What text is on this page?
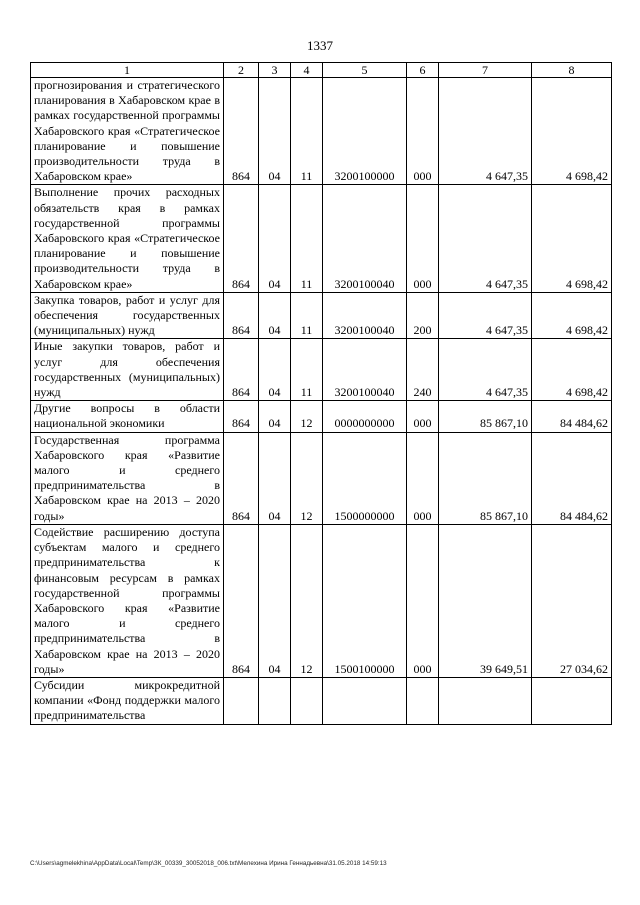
1337
1	2	3	4	5	6	7	8
прогнозирования и стратегического планирования в Хабаровском крае в рамках государственной программы Хабаровского края «Стратегическое планирование и повышение производительности труда в Хабаровском крае»	864	04	11	3200100000	000	4 647,35	4 698,42
Выполнение прочих расходных обязательств края в рамках государственной программы Хабаровского края «Стратегическое планирование и повышение производительности труда в Хабаровском крае»	864	04	11	3200100040	000	4 647,35	4 698,42
Закупка товаров, работ и услуг для обеспечения государственных (муниципальных) нужд	864	04	11	3200100040	200	4 647,35	4 698,42
Иные закупки товаров, работ и услуг для обеспечения государственных (муниципальных) нужд	864	04	11	3200100040	240	4 647,35	4 698,42
Другие вопросы в области национальной экономики	864	04	12	0000000000	000	85 867,10	84 484,62
Государственная программа Хабаровского края «Развитие малого и среднего предпринимательства в Хабаровском крае на 2013 – 2020 годы»	864	04	12	1500000000	000	85 867,10	84 484,62
Содействие расширению доступа субъектам малого и среднего предпринимательства к финансовым ресурсам в рамках государственной программы Хабаровского края «Развитие малого и среднего предпринимательства в Хабаровском крае на 2013 – 2020 годы»	864	04	12	1500100000	000	39 649,51	27 034,62
Субсидии микрокредитной компании «Фонд поддержки малого предпринимательства							
C:\Users\agmelekhina\AppData\Local\Temp\ЗК_00339_30052018_006.txt\Мелехина Ирина Геннадьевна\31.05.2018 14:59:13
